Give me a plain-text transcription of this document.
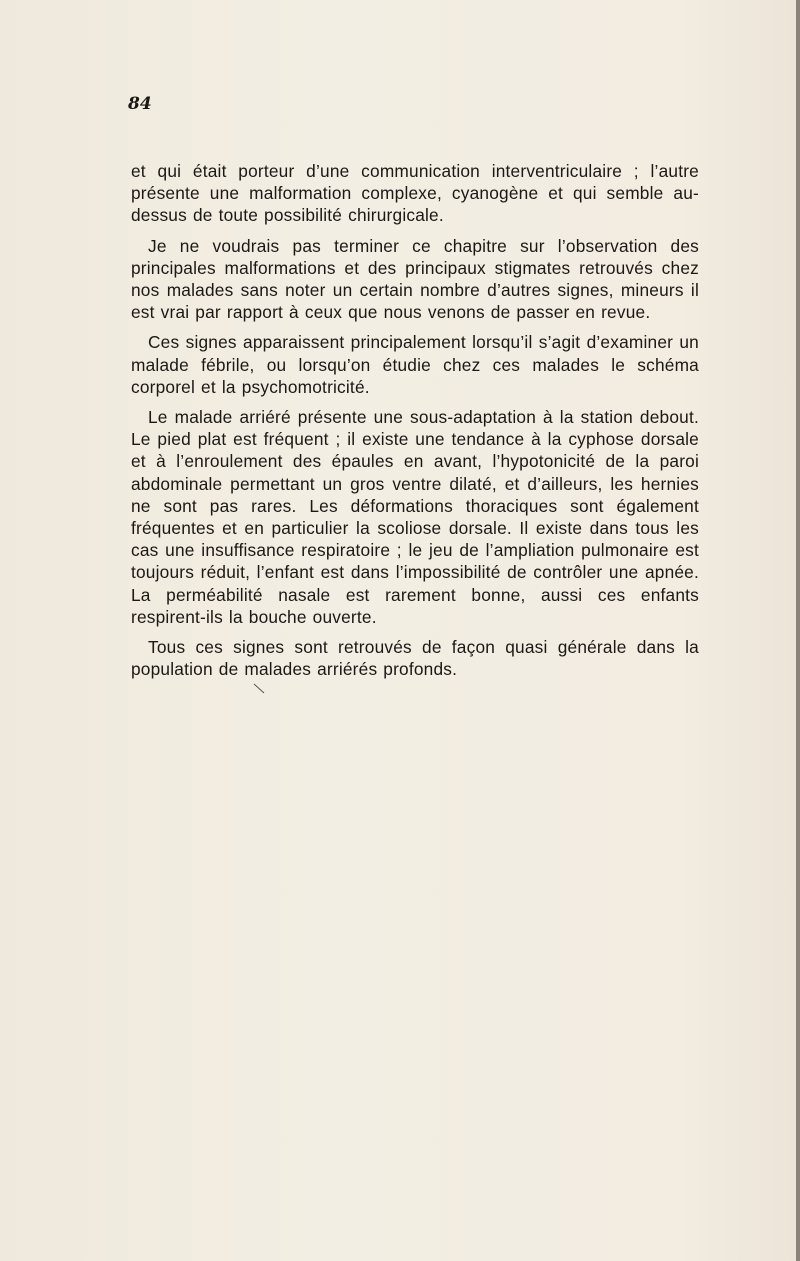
84

et qui était porteur d’une communication interventriculaire ; l’autre présente une malformation complexe, cyanogène et qui semble au-dessus de toute possibilité chirurgicale.

Je ne voudrais pas terminer ce chapitre sur l’observation des principales malformations et des principaux stigmates retrouvés chez nos malades sans noter un certain nombre d’autres signes, mineurs il est vrai par rapport à ceux que nous venons de passer en revue.

Ces signes apparaissent principalement lorsqu’il s’agit d’examiner un malade fébrile, ou lorsqu’on étudie chez ces malades le schéma corporel et la psychomotricité.

Le malade arriéré présente une sous-adaptation à la station debout. Le pied plat est fréquent ; il existe une tendance à la cyphose dorsale et à l’enroulement des épaules en avant, l’hypotonicité de la paroi abdominale permettant un gros ventre dilaté, et d’ailleurs, les hernies ne sont pas rares. Les déformations thoraciques sont également fréquentes et en particulier la scoliose dorsale. Il existe dans tous les cas une insuffisance respiratoire ; le jeu de l’ampliation pulmonaire est toujours réduit, l’enfant est dans l’impossibilité de contrôler une apnée. La perméabilité nasale est rarement bonne, aussi ces enfants respirent-ils la bouche ouverte.

Tous ces signes sont retrouvés de façon quasi générale dans la population de malades arriérés profonds.
